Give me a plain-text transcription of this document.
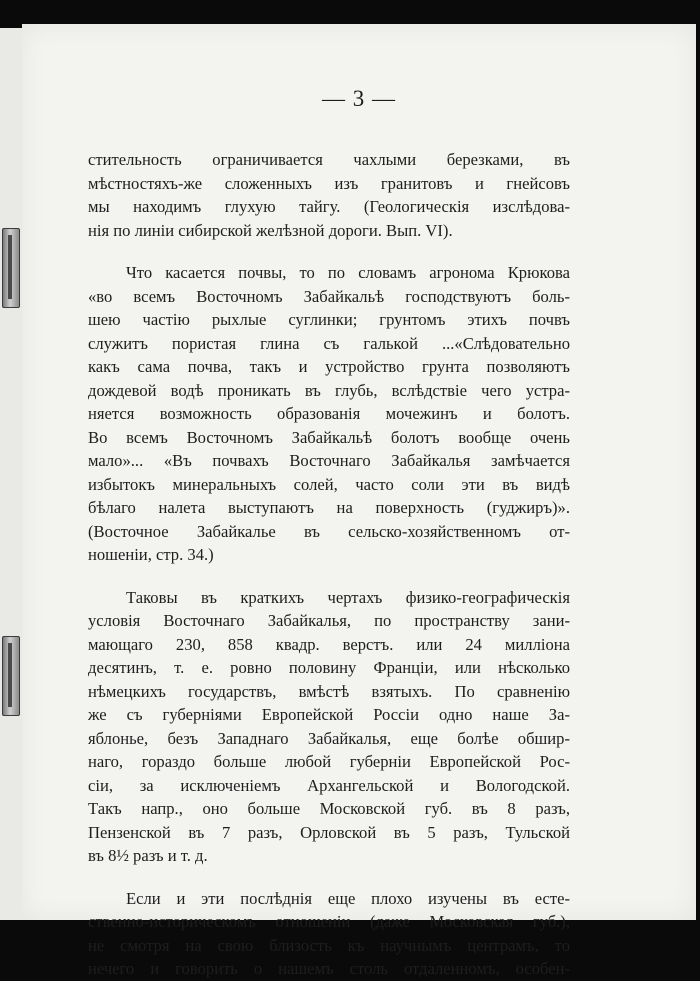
— 3 —
стительность ограничивается чахлыми березками, въ
мѣстностяхъ-же сложенныхъ изъ гранитовъ и гнейсовъ
мы находимъ глухую тайгу. (Геологическія изслѣдова-
нія по линіи сибирской желѣзной дороги. Вып. VI).
Что касается почвы, то по словамъ агронома Крюкова
«во всемъ Восточномъ Забайкальѣ господствуютъ боль-
шею частію рыхлые суглинки; грунтомъ этихъ почвъ
служитъ пористая глина съ галькой ...«Слѣдовательно
какъ сама почва, такъ и устройство грунта позволяютъ
дождевой водѣ проникать въ глубь, вслѣдствіе чего устра-
няется возможность образованія мочежинъ и болотъ.
Во всемъ Восточномъ Забайкальѣ болотъ вообще очень
мало»... «Въ почвахъ Восточнаго Забайкалья замѣчается
избытокъ минеральныхъ солей, часто соли эти въ видѣ
бѣлаго налета выступаютъ на поверхность (гуджиръ)».
(Восточное Забайкалье въ сельско-хозяйственномъ от-
ношеніи, стр. 34.)
Таковы въ краткихъ чертахъ физико-географическія
условія Восточнаго Забайкалья, по пространству зани-
мающаго 230, 858 квадр. верстъ. или 24 милліона
десятинъ, т. е. ровно половину Франціи, или нѣсколько
нѣмецкихъ государствъ, вмѣстѣ взятыхъ. По сравненію
же съ губерніями Европейской Россіи одно наше За-
яблонье, безъ Западнаго Забайкалья, еще болѣе обшир-
наго, гораздо больше любой губерніи Европейской Рос-
сіи, за исключеніемъ Архангельской и Вологодской.
Такъ напр., оно больше Московской губ. въ 8 разъ,
Пензенской въ 7 разъ, Орловской въ 5 разъ, Тульской
въ 8½ разъ и т. д.
Если и эти послѣднія еще плохо изучены въ есте-
ственно-историческомъ отношеніи (даже Московская губ.),
не смотря на свою близость къ научнымъ центрамъ, то
нечего и говорить о нашемъ столь отдаленномъ, особен-
